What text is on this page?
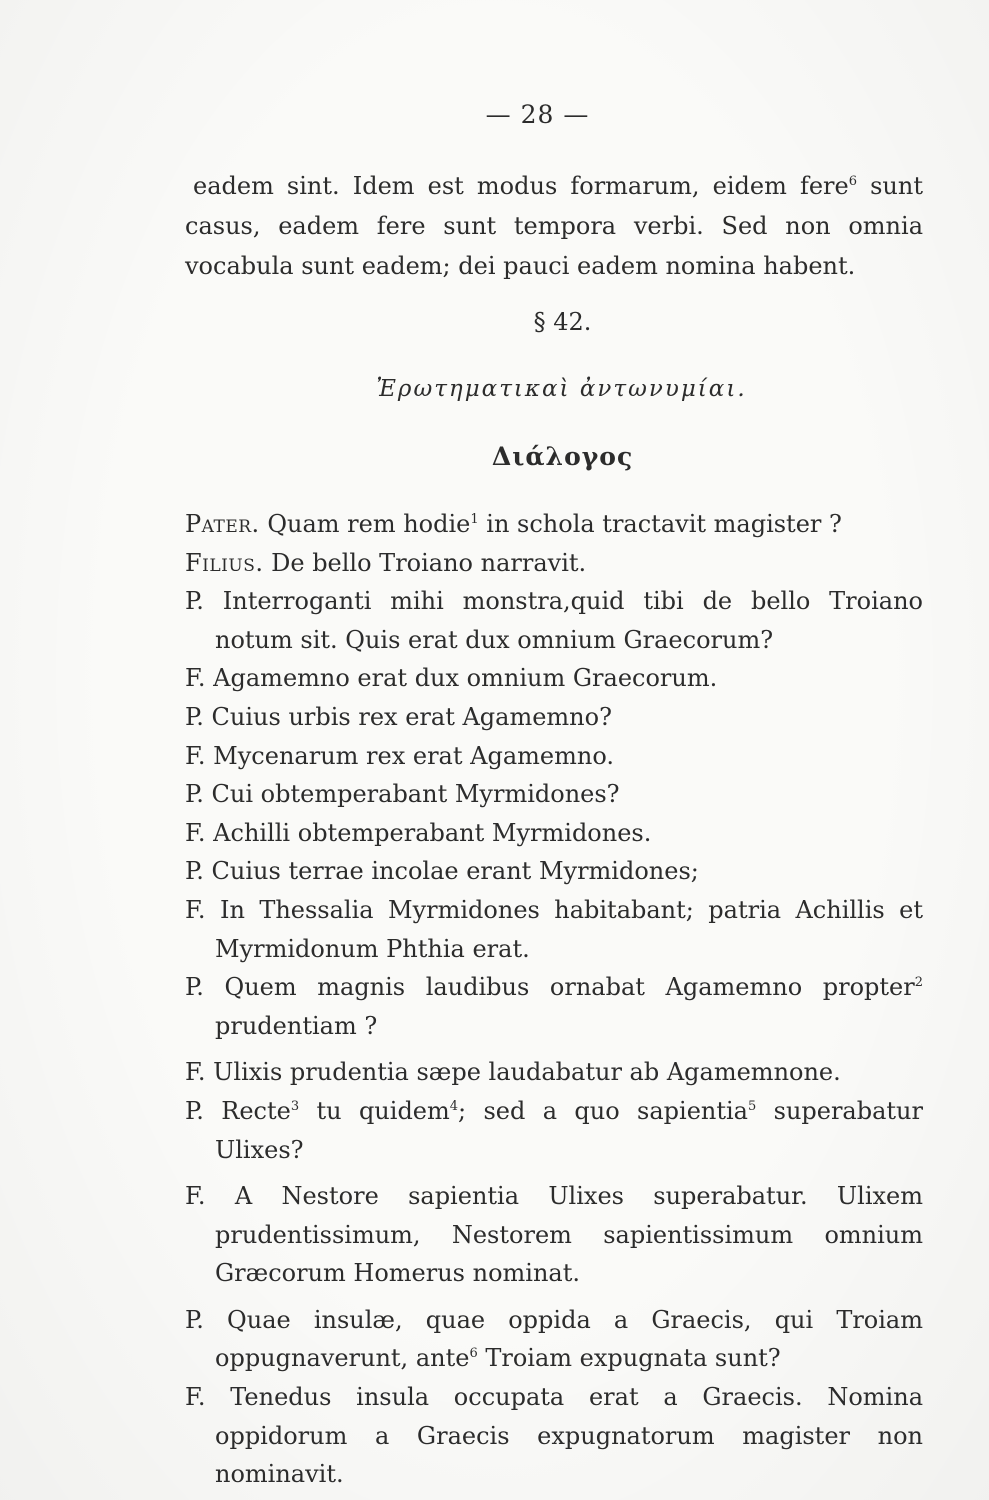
— 28 —

eadem sint. Idem est modus formarum, eidem fere$^6$ sunt casus, eadem fere sunt tempora verbi. Sed non omnia vocabula sunt eadem; dei pauci eadem nomina habent.

§ 42.
Ἐρωτηματικαὶ ἀντωνυμίαι.
Διάλογος

Pater. Quam rem hodie$^1$ in schola tractavit magister ?

Filius. De bello Troiano narravit.

P. Interroganti mihi monstra,quid tibi de bello Troiano notum sit. Quis erat dux omnium Graecorum?

F. Agamemno erat dux omnium Graecorum.

P. Cuius urbis rex erat Agamemno?

F. Mycenarum rex erat Agamemno.

P. Cui obtemperabant Myrmidones?

F. Achilli obtemperabant Myrmidones.

P. Cuius terrae incolae erant Myrmidones;

F. In Thessalia Myrmidones habitabant; patria Achillis et Myrmidonum Phthia erat.

P. Quem magnis laudibus ornabat Agamemno propter$^2$ prudentiam ?

F. Ulixis prudentia sæpe laudabatur ab Agamemnone.

P. Recte$^3$ tu quidem$^4$; sed a quo sapientia$^5$ superabatur Ulixes?

F. A Nestore sapientia Ulixes superabatur. Ulixem prudentissimum, Nestorem sapientissimum omnium Græcorum Homerus nominat.

P. Quae insulæ, quae oppida a Graecis, qui Troiam oppugnaverunt, ante$^6$ Troiam expugnata sunt?

F. Tenedus insula occupata erat a Graecis. Nomina oppidorum a Graecis expugnatorum magister non nominavit.
